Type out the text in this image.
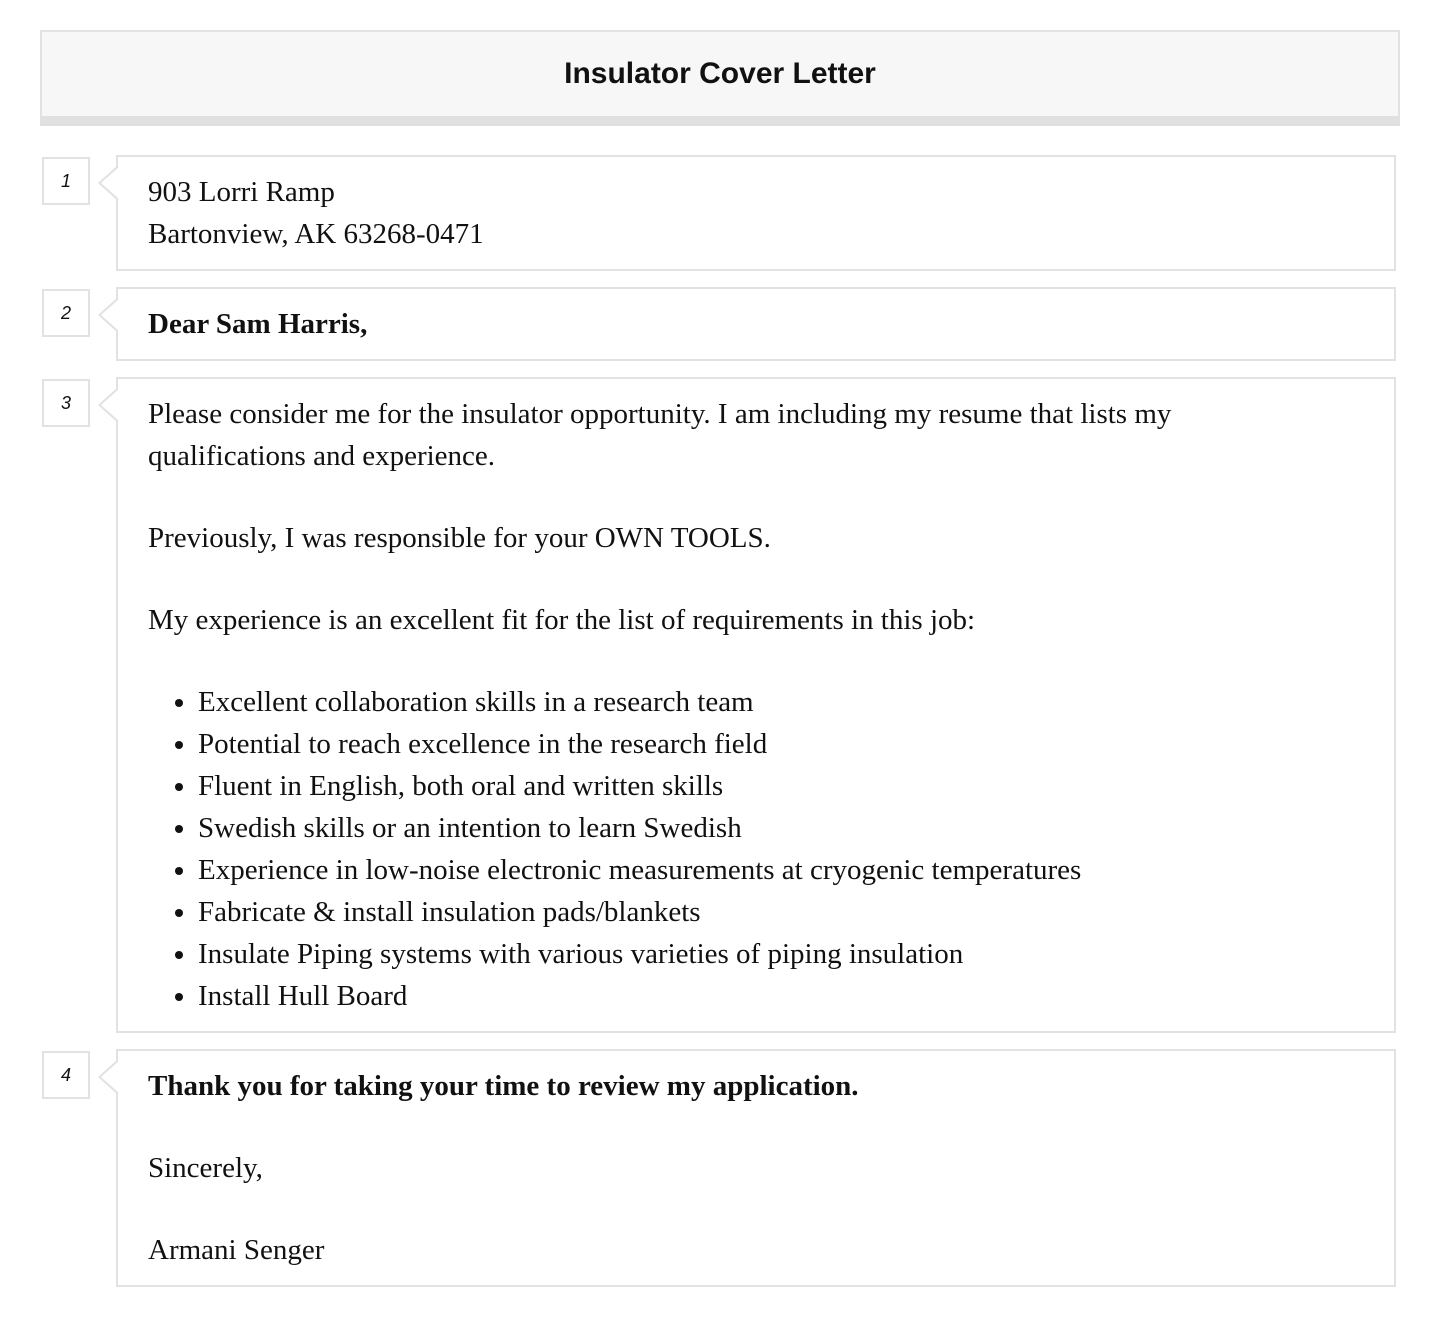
Insulator Cover Letter
1	903 Lorri Ramp
Bartonview, AK 63268-0471
2	Dear Sam Harris,
3	Please consider me for the insulator opportunity. I am including my resume that lists my qualifications and experience.
Previously, I was responsible for your OWN TOOLS.
My experience is an excellent fit for the list of requirements in this job:
• Excellent collaboration skills in a research team
• Potential to reach excellence in the research field
• Fluent in English, both oral and written skills
• Swedish skills or an intention to learn Swedish
• Experience in low-noise electronic measurements at cryogenic temperatures
• Fabricate & install insulation pads/blankets
• Insulate Piping systems with various varieties of piping insulation
• Install Hull Board
4	Thank you for taking your time to review my application.
Sincerely,
Armani Senger
